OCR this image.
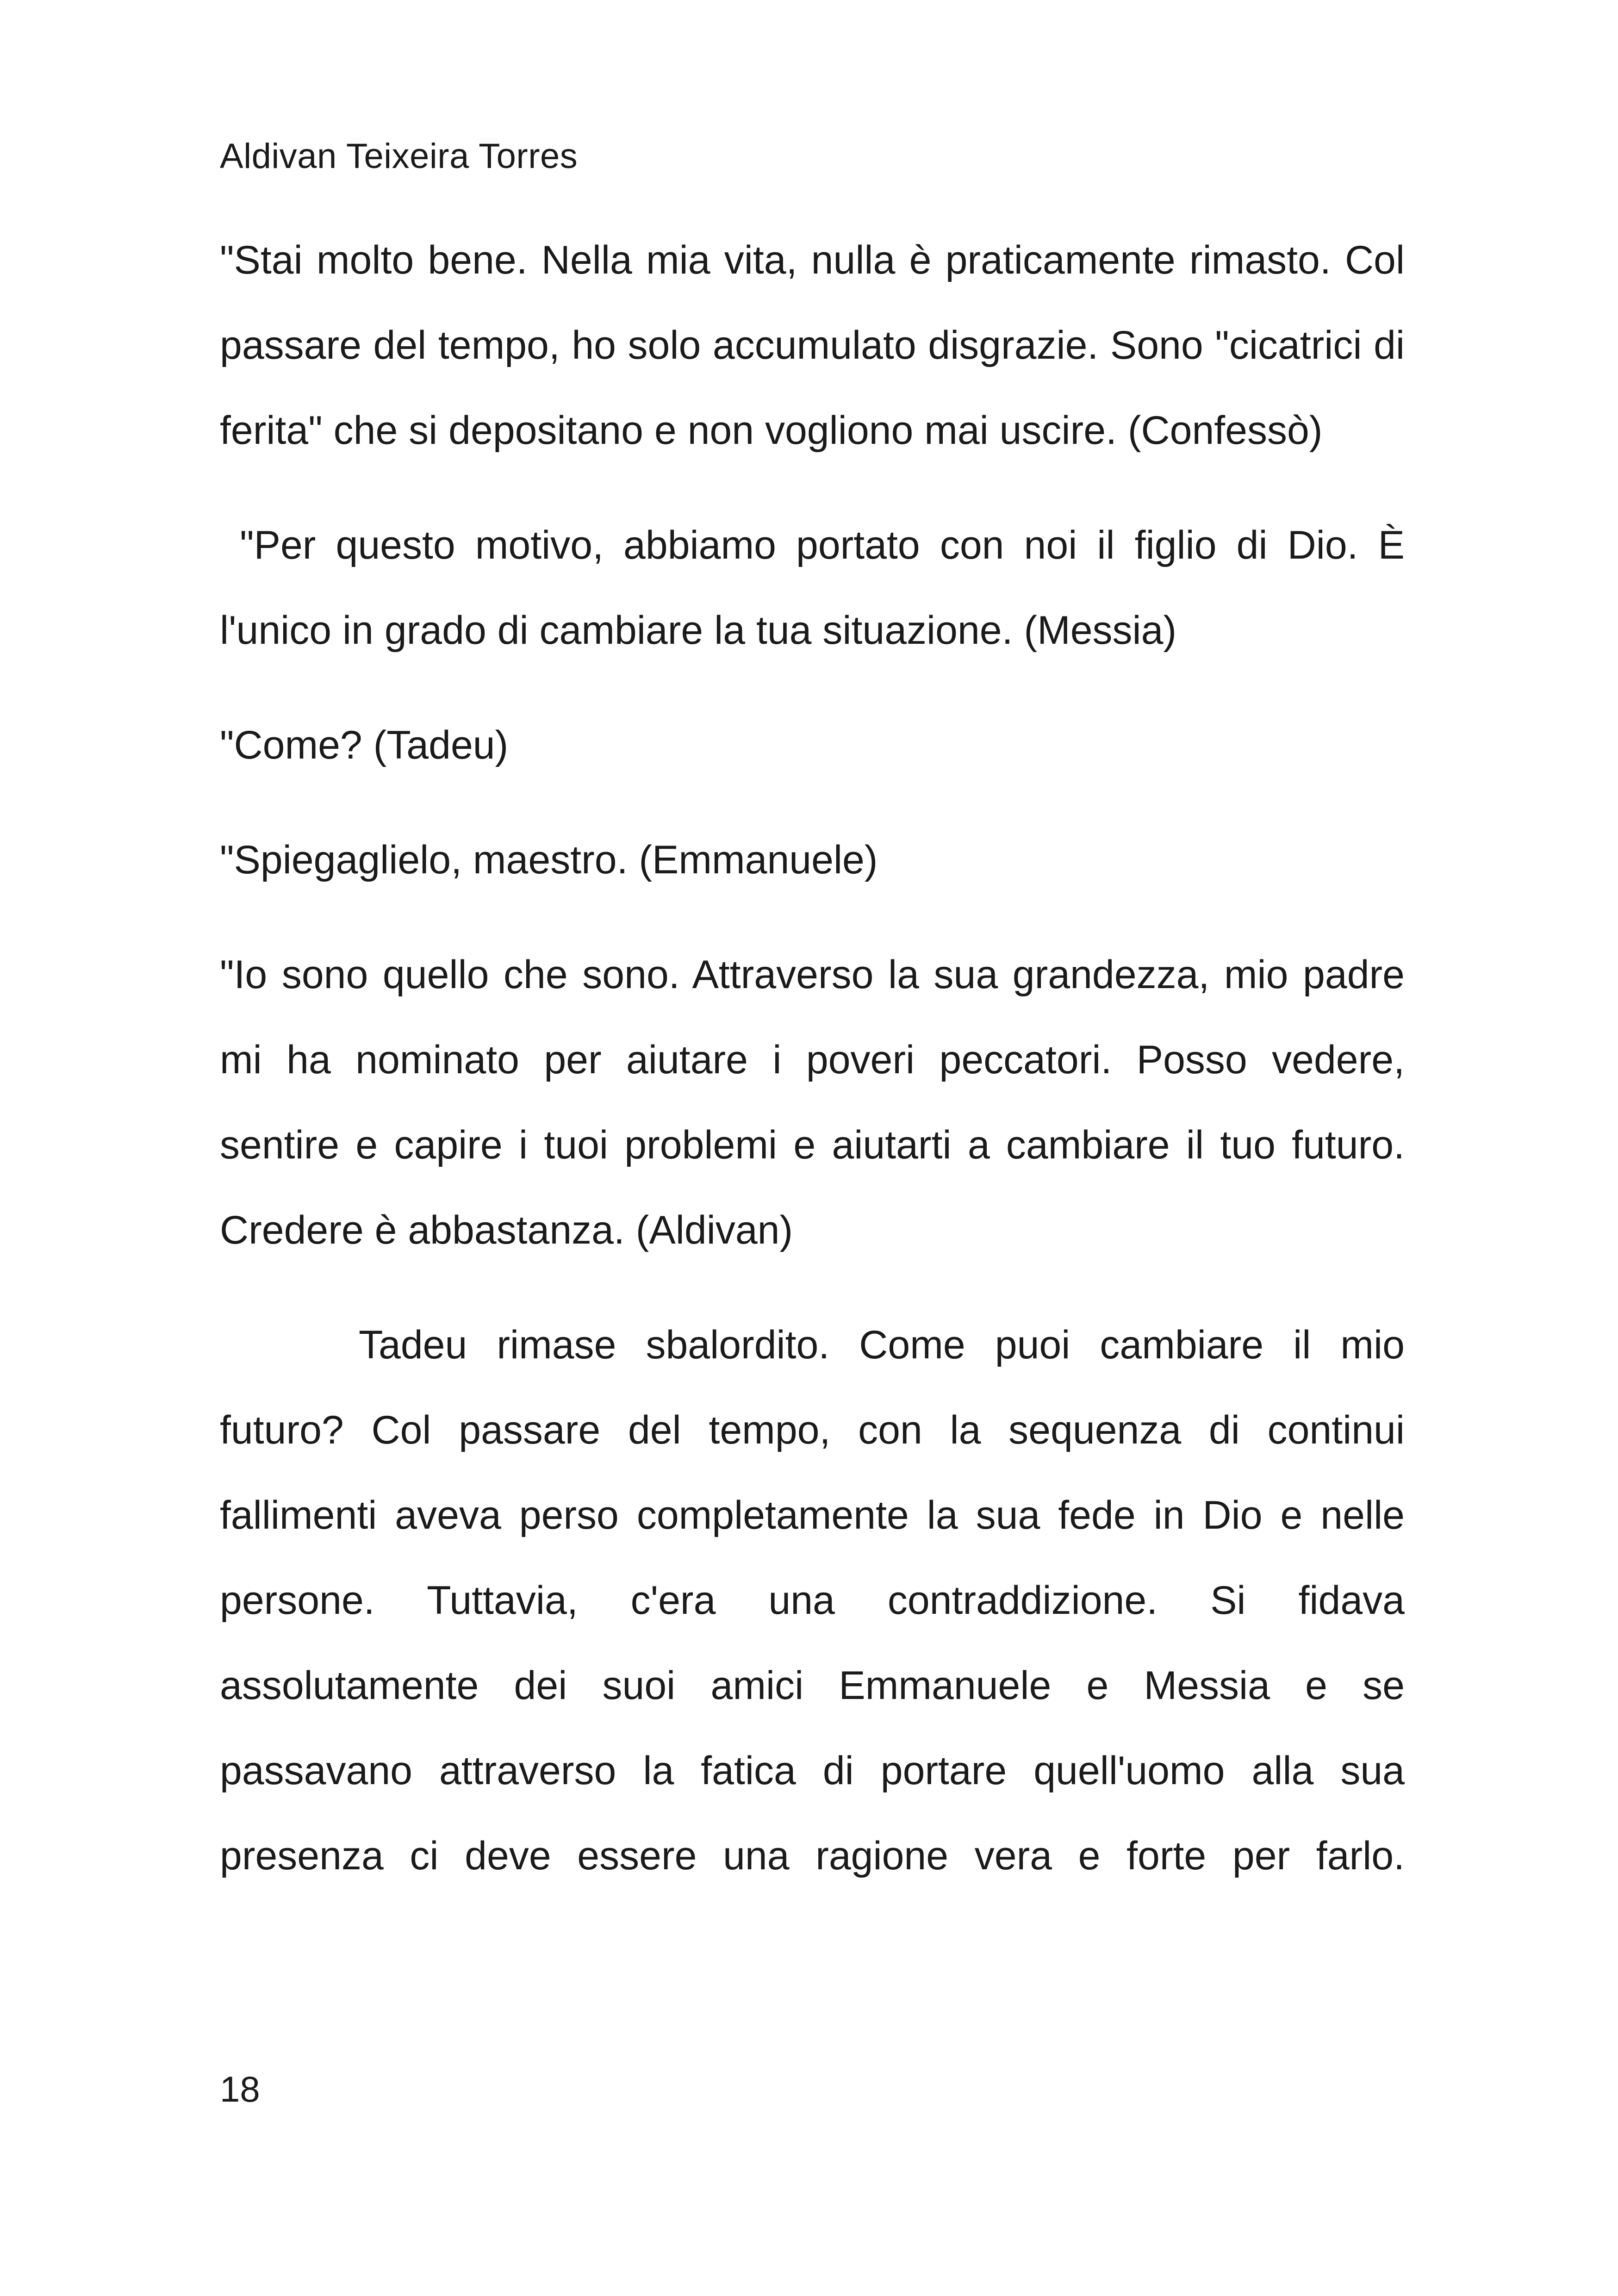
Aldivan Teixeira Torres

"Stai molto bene. Nella mia vita, nulla è praticamente rimasto. Col passare del tempo, ho solo accumulato disgrazie. Sono "cicatrici di ferita" che si depositano e non vogliono mai uscire. (Confessò)

"Per questo motivo, abbiamo portato con noi il figlio di Dio. È l'unico in grado di cambiare la tua situazione. (Messia)

"Come? (Tadeu)

"Spiegaglielo, maestro. (Emmanuele)

"Io sono quello che sono. Attraverso la sua grandezza, mio padre mi ha nominato per aiutare i poveri peccatori. Posso vedere, sentire e capire i tuoi problemi e aiutarti a cambiare il tuo futuro. Credere è abbastanza. (Aldivan)

Tadeu rimase sbalordito. Come puoi cambiare il mio futuro? Col passare del tempo, con la sequenza di continui fallimenti aveva perso completamente la sua fede in Dio e nelle persone. Tuttavia, c'era una contraddizione. Si fidava assolutamente dei suoi amici Emmanuele e Messia e se passavano attraverso la fatica di portare quell'uomo alla sua presenza ci deve essere una ragione vera e forte per farlo.

18
